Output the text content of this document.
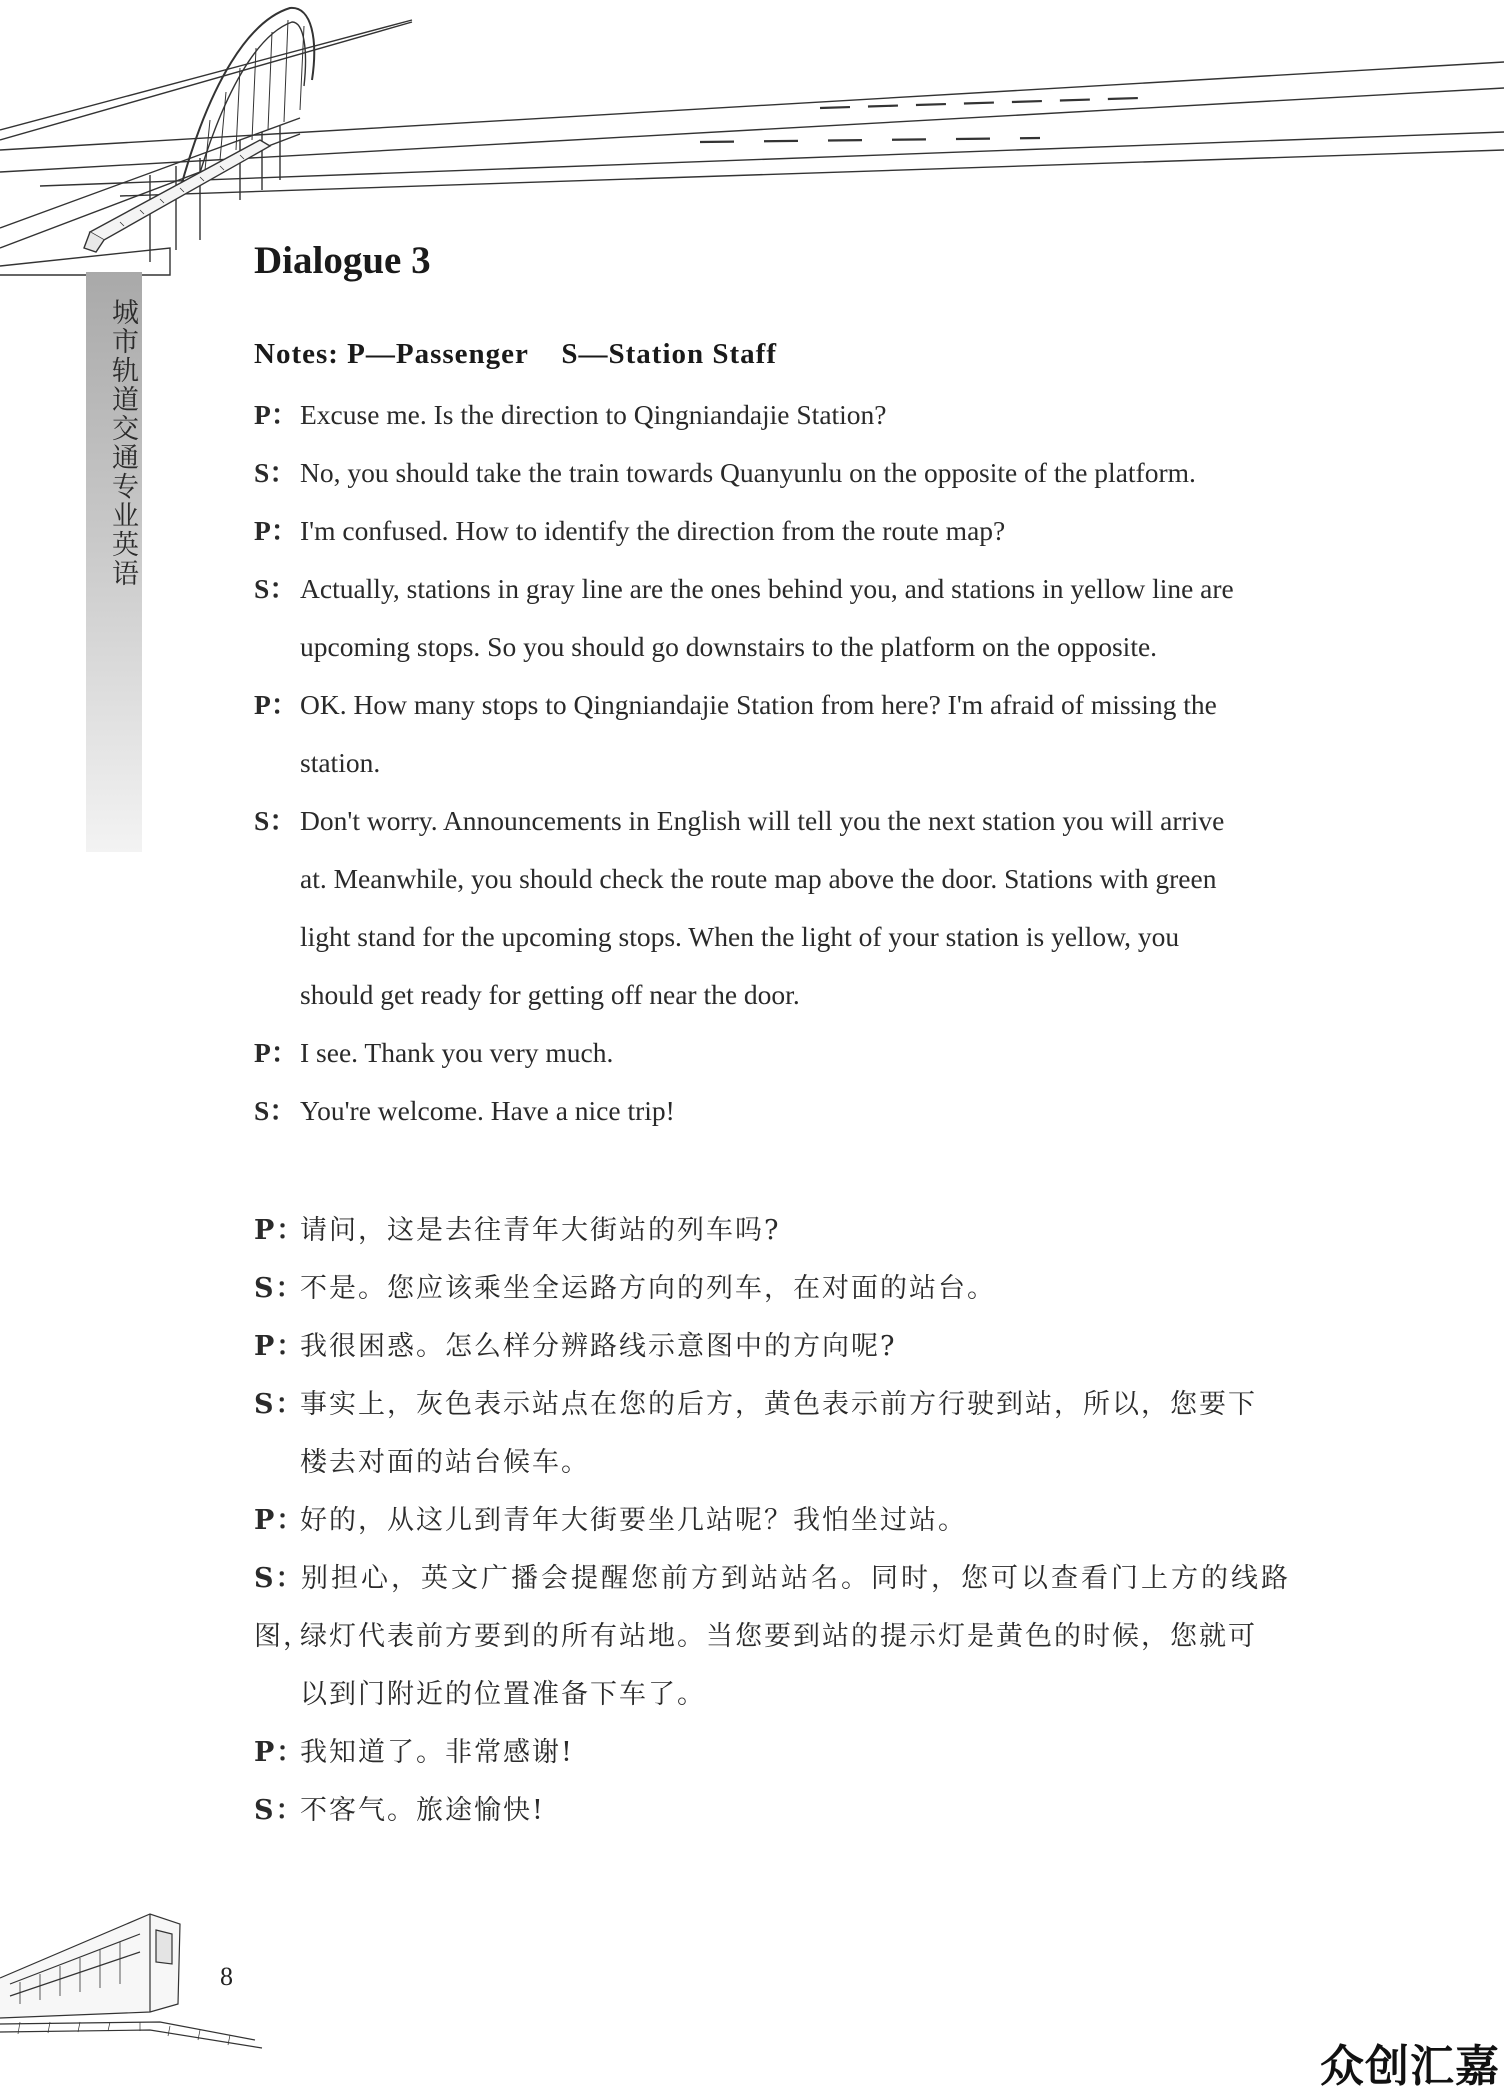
城市轨道交通专业英语
Dialogue 3
Notes: P—Passenger    S—Station Staff
P：Excuse me. Is the direction to Qingniandajie Station?
S： No, you should take the train towards Quanyunlu on the opposite of the platform.
P：I'm confused. How to identify the direction from the route map?
S： Actually, stations in gray line are the ones behind you, and stations in yellow line are
upcoming stops. So you should go downstairs to the platform on the opposite.
P：OK. How many stops to Qingniandajie Station from here? I'm afraid of missing the
station.
S： Don't worry. Announcements in English will tell you the next station you will arrive
at. Meanwhile, you should check the route map above the door. Stations with green
light stand for the upcoming stops. When the light of your station is yellow, you
should get ready for getting off near the door.
P：I see. Thank you very much.
S： You're welcome. Have a nice trip!
P：请问，这是去往青年大街站的列车吗?
S：不是。您应该乘坐全运路方向的列车，在对面的站台。
P：我很困惑。怎么样分辨路线示意图中的方向呢?
S：事实上，灰色表示站点在您的后方，黄色表示前方行驶到站，所以，您要下
楼去对面的站台候车。
P：好的，从这儿到青年大街要坐几站呢？我怕坐过站。
S：别担心，英文广播会提醒您前方到站站名。同时，您可以查看门上方的线路图，
绿灯代表前方要到的所有站地。当您要到站的提示灯是黄色的时候，您就可
以到门附近的位置准备下车了。
P：我知道了。非常感谢!
S：不客气。旅途愉快!
8
众创汇嘉
